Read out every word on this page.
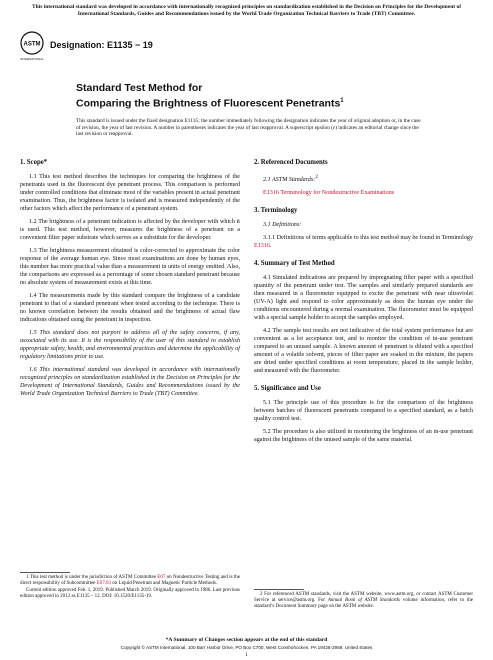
This international standard was developed in accordance with internationally recognized principles on standardization established in the Decision on Principles for the Development of International Standards, Guides and Recommendations issued by the World Trade Organization Technical Barriers to Trade (TBT) Committee.
ASTM
INTERNATIONAL
Designation: E1135 − 19
Standard Test Method for
Comparing the Brightness of Fluorescent Penetrants$^1$
This standard is issued under the fixed designation E1135; the number immediately following the designation indicates the year of original adoption or, in the case of revision, the year of last revision. A number in parentheses indicates the year of last reapproval. A superscript epsilon (ε) indicates an editorial change since the last revision or reapproval.
1. Scope*

1.1 This test method describes the techniques for comparing the brightness of the penetrants used in the fluorescent dye penetrant process. This comparison is performed under controlled conditions that eliminate most of the variables present in actual penetrant examination. Thus, the brightness factor is isolated and is measured independently of the other factors which affect the performance of a penetrant system.

1.2 The brightness of a penetrant indication is affected by the developer with which it is used. This test method, however, measures the brightness of a penetrant on a convenient filter paper substrate which serves as a substitute for the developer.

1.3 The brightness measurement obtained is color-corrected to approximate the color response of the average human eye. Since most examinations are done by human eyes, this number has more practical value than a measurement in units of energy emitted. Also, the comparisons are expressed as a percentage of some chosen standard penetrant because no absolute system of measurement exists at this time.

1.4 The measurements made by this standard compare the brightness of a candidate penetrant to that of a standard penetrant when tested according to the technique. There is no known correlation between the results obtained and the brightness of actual flaw indications obtained using the penetrant in inspection.

1.5 This standard does not purport to address all of the safety concerns, if any, associated with its use. It is the responsibility of the user of this standard to establish appropriate safety, health, and environmental practices and determine the applicability of regulatory limitations prior to use.

1.6 This international standard was developed in accordance with internationally recognized principles on standardization established in the Decision on Principles for the Development of International Standards, Guides and Recommendations issued by the World Trade Organization Technical Barriers to Trade (TBT) Committee.

2. Referenced Documents

2.1 ASTM Standards:$^2$

E1316 Terminology for Nondestructive Examinations

3. Terminology

3.1 Definitions:

3.1.1 Definitions of terms applicable to this test method may be found in Terminology E1316.

4. Summary of Test Method

4.1 Simulated indications are prepared by impregnating filter paper with a specified quantity of the penetrant under test. The samples and similarly prepared standards are then measured in a fluorometer equipped to excite the penetrant with near ultraviolet (UV-A) light and respond to color approximately as does the human eye under the conditions encountered during a normal examination. The fluorometer must be equipped with a special sample holder to accept the samples employed.

4.2 The sample test results are not indicative of the total system performance but are convenient as a lot acceptance test, and to monitor the condition of in-use penetrant compared to an unused sample. A known amount of penetrant is diluted with a specified amount of a volatile solvent, pieces of filter paper are soaked in the mixture, the papers are dried under specified conditions at room temperature, placed in the sample holder, and measured with the fluorometer.

5. Significance and Use

5.1 The principle use of this procedure is for the comparison of the brightness between batches of fluorescent penetrants compared to a specified standard, as a batch quality control test.

5.2 The procedure is also utilized in monitoring the brightness of an in-use penetrant against the brightness of the unused sample of the same material.

1 This test method is under the jurisdiction of ASTM Committee E07 on Nondestructive Testing and is the direct responsibility of Subcommittee E07.03 on Liquid Penetrant and Magnetic Particle Methods.

Current edition approved Feb. 1, 2019. Published March 2019. Originally approved in 1986. Last previous edition approved in 2012 as E1135 – 12. DOI: 10.1520/E1135-19.	2 For referenced ASTM standards, visit the ASTM website, www.astm.org, or contact ASTM Customer Service at service@astm.org. For Annual Book of ASTM Standards volume information, refer to the standard’s Document Summary page on the ASTM website.

*A Summary of Changes section appears at the end of this standard
Copyright © ASTM International, 100 Barr Harbor Drive, PO Box C700, West Conshohocken, PA 19428-2959. United States
1
